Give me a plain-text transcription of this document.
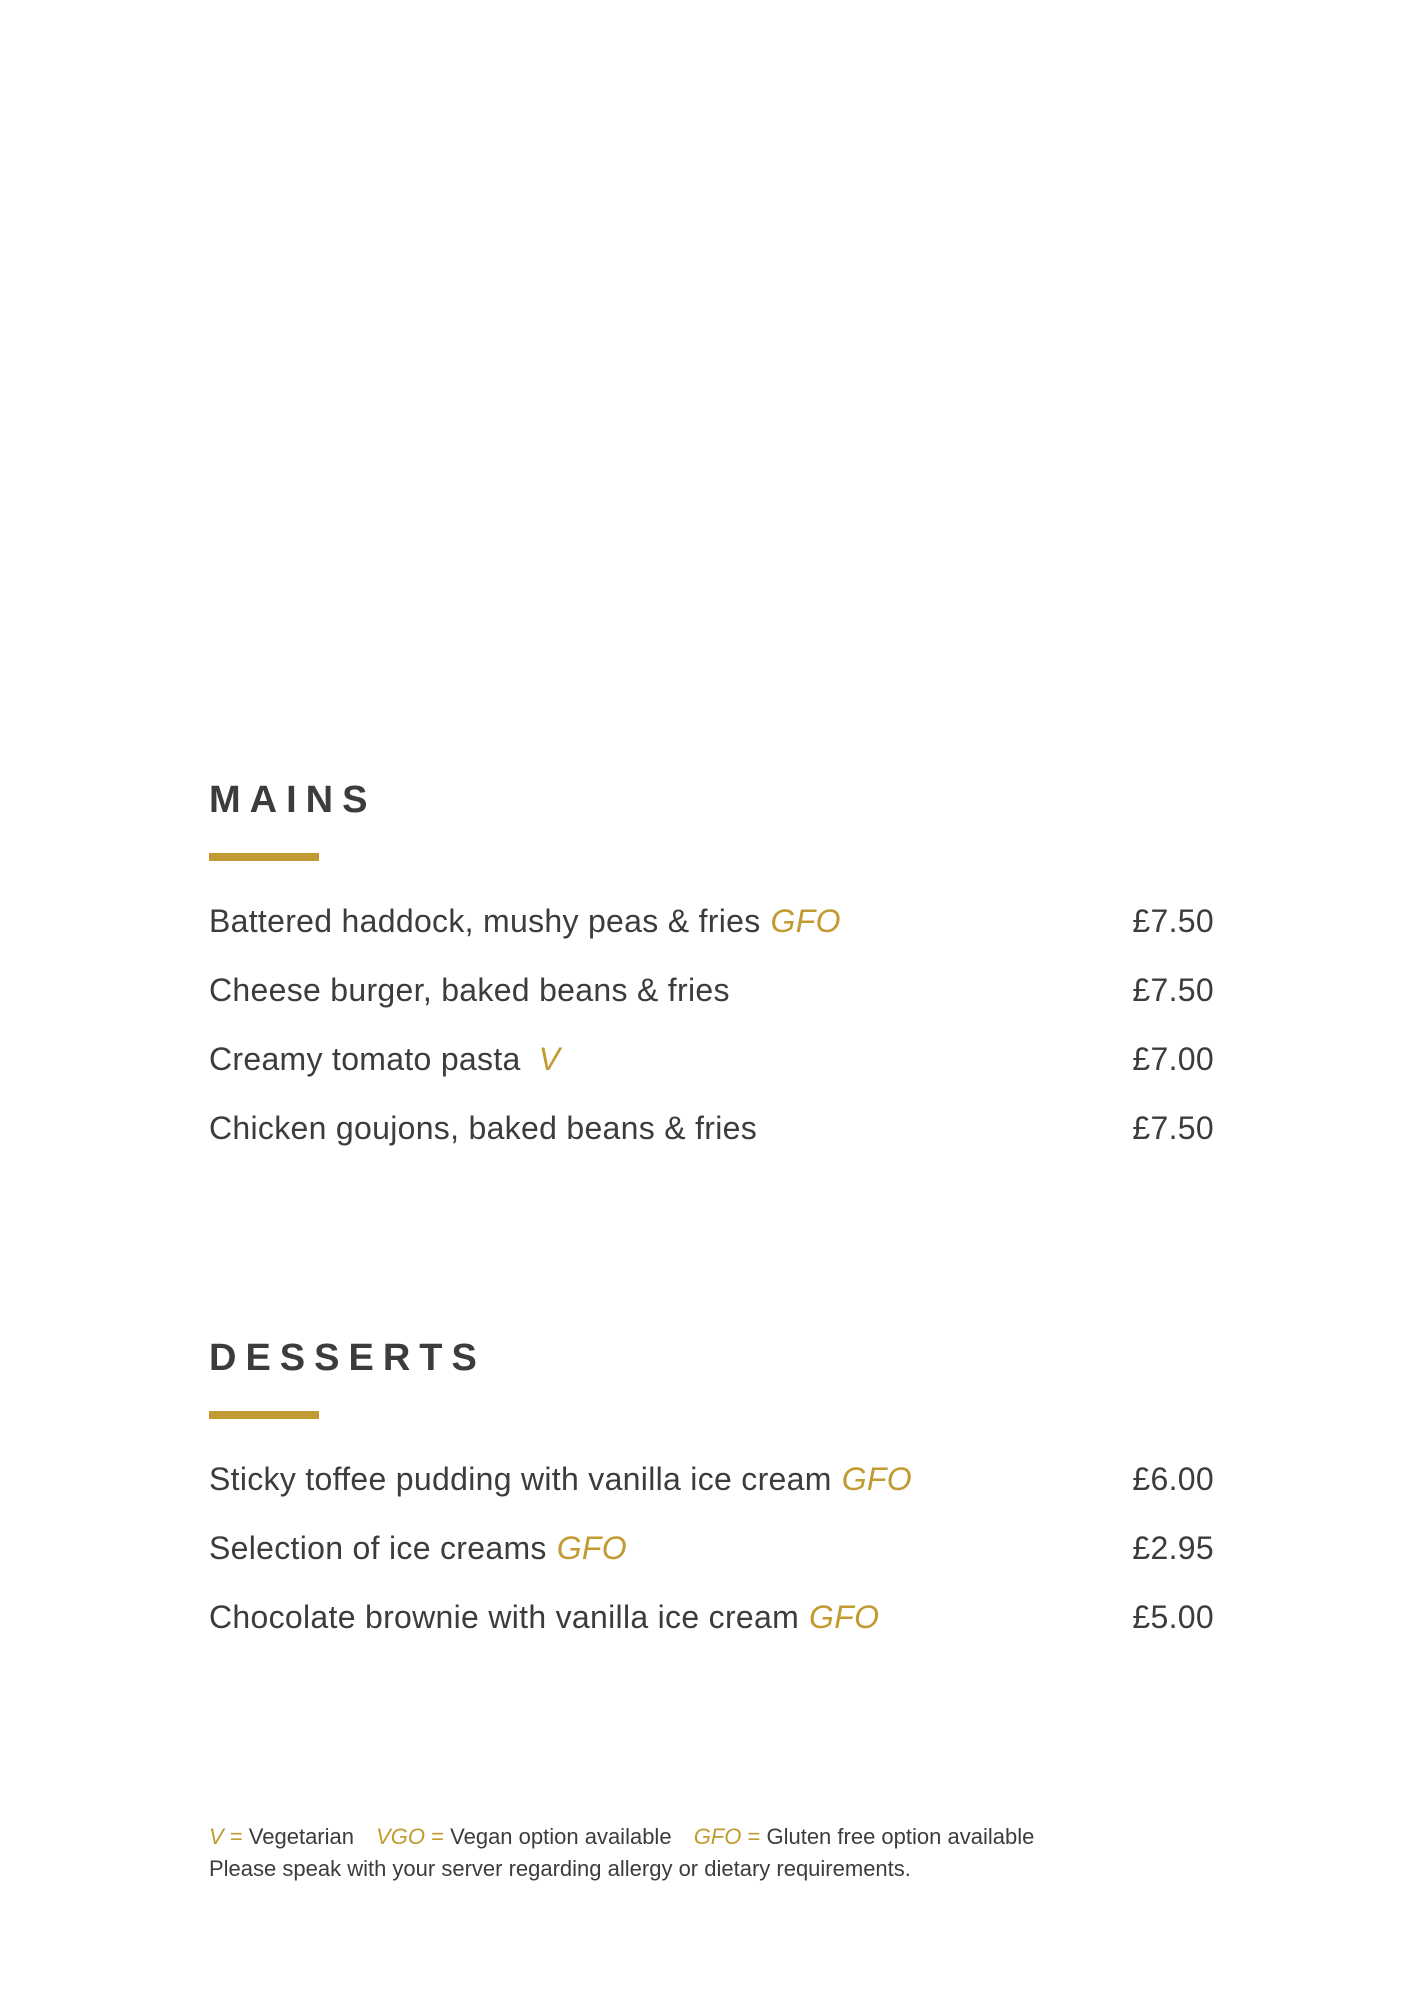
MAINS
Battered haddock, mushy peas & fries GFO	£7.50
Cheese burger, baked beans & fries	£7.50
Creamy tomato pasta V	£7.00
Chicken goujons, baked beans & fries	£7.50
DESSERTS
Sticky toffee pudding with vanilla ice cream GFO	£6.00
Selection of ice creams GFO	£2.95
Chocolate brownie with vanilla ice cream GFO	£5.00
V = Vegetarian VGO = Vegan option available GFO = Gluten free option available
Please speak with your server regarding allergy or dietary requirements.
